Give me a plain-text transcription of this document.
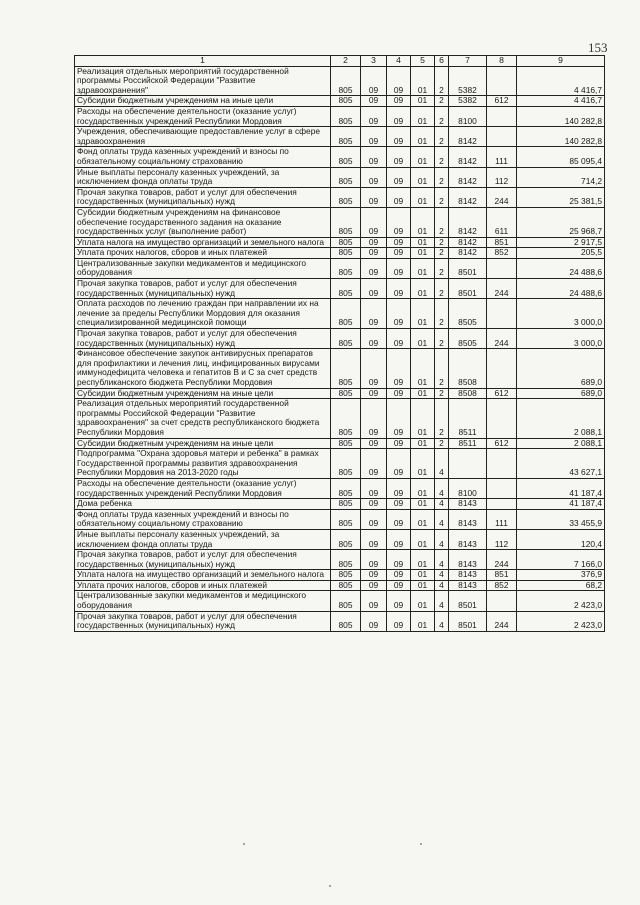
153
1	2	3	4	5	6	7	8	9
Реализация отдельных мероприятий государственной программы Российской Федерации "Развитие здравоохранения"	805	09	09	01	2	5382		4 416,7
Субсидии бюджетным учреждениям на иные цели	805	09	09	01	2	5382	612	4 416,7
Расходы на обеспечение деятельности (оказание услуг) государственных учреждений Республики Мордовия	805	09	09	01	2	8100		140 282,8
Учреждения, обеспечивающие предоставление услуг в сфере здравоохранения	805	09	09	01	2	8142		140 282,8
Фонд оплаты труда казенных учреждений и взносы по обязательному социальному страхованию	805	09	09	01	2	8142	111	85 095,4
Иные выплаты персоналу казенных учреждений, за исключением фонда оплаты труда	805	09	09	01	2	8142	112	714,2
Прочая закупка товаров, работ и услуг для обеспечения государственных (муниципальных) нужд	805	09	09	01	2	8142	244	25 381,5
Субсидии бюджетным учреждениям на финансовое обеспечение государственного задания на оказание государственных услуг (выполнение работ)	805	09	09	01	2	8142	611	25 968,7
Уплата налога на имущество организаций и земельного налога	805	09	09	01	2	8142	851	2 917,5
Уплата прочих налогов, сборов и иных платежей	805	09	09	01	2	8142	852	205,5
Централизованные закупки медикаментов и медицинского оборудования	805	09	09	01	2	8501		24 488,6
Прочая закупка товаров, работ и услуг для обеспечения государственных (муниципальных) нужд	805	09	09	01	2	8501	244	24 488,6
Оплата расходов по лечению граждан при направлении их на лечение за пределы Республики Мордовия для оказания специализированной медицинской помощи	805	09	09	01	2	8505		3 000,0
Прочая закупка товаров, работ и услуг для обеспечения государственных (муниципальных) нужд	805	09	09	01	2	8505	244	3 000,0
Финансовое обеспечение закупок антивирусных препаратов для профилактики и лечения лиц, инфицированных вирусами иммунодефицита человека и гепатитов В и С за счет средств республиканского бюджета Республики Мордовия	805	09	09	01	2	8508		689,0
Субсидии бюджетным учреждениям на иные цели	805	09	09	01	2	8508	612	689,0
Реализация отдельных мероприятий государственной программы Российской Федерации "Развитие здравоохранения" за счет средств республиканского бюджета Республики Мордовия	805	09	09	01	2	8511		2 088,1
Субсидии бюджетным учреждениям на иные цели	805	09	09	01	2	8511	612	2 088,1
Подпрограмма "Охрана здоровья матери и ребенка" в рамках Государственной программы развития здравоохранения Республики Мордовия на 2013-2020 годы	805	09	09	01	4			43 627,1
Расходы на обеспечение деятельности (оказание услуг) государственных учреждений Республики Мордовия	805	09	09	01	4	8100		41 187,4
Дома ребенка	805	09	09	01	4	8143		41 187,4
Фонд оплаты труда казенных учреждений и взносы по обязательному социальному страхованию	805	09	09	01	4	8143	111	33 455,9
Иные выплаты персоналу казенных учреждений, за исключением фонда оплаты труда	805	09	09	01	4	8143	112	120,4
Прочая закупка товаров, работ и услуг для обеспечения государственных (муниципальных) нужд	805	09	09	01	4	8143	244	7 166,0
Уплата налога на имущество организаций и земельного налога	805	09	09	01	4	8143	851	376,9
Уплата прочих налогов, сборов и иных платежей	805	09	09	01	4	8143	852	68,2
Централизованные закупки медикаментов и медицинского оборудования	805	09	09	01	4	8501		2 423,0
Прочая закупка товаров, работ и услуг для обеспечения государственных (муниципальных) нужд	805	09	09	01	4	8501	244	2 423,0
